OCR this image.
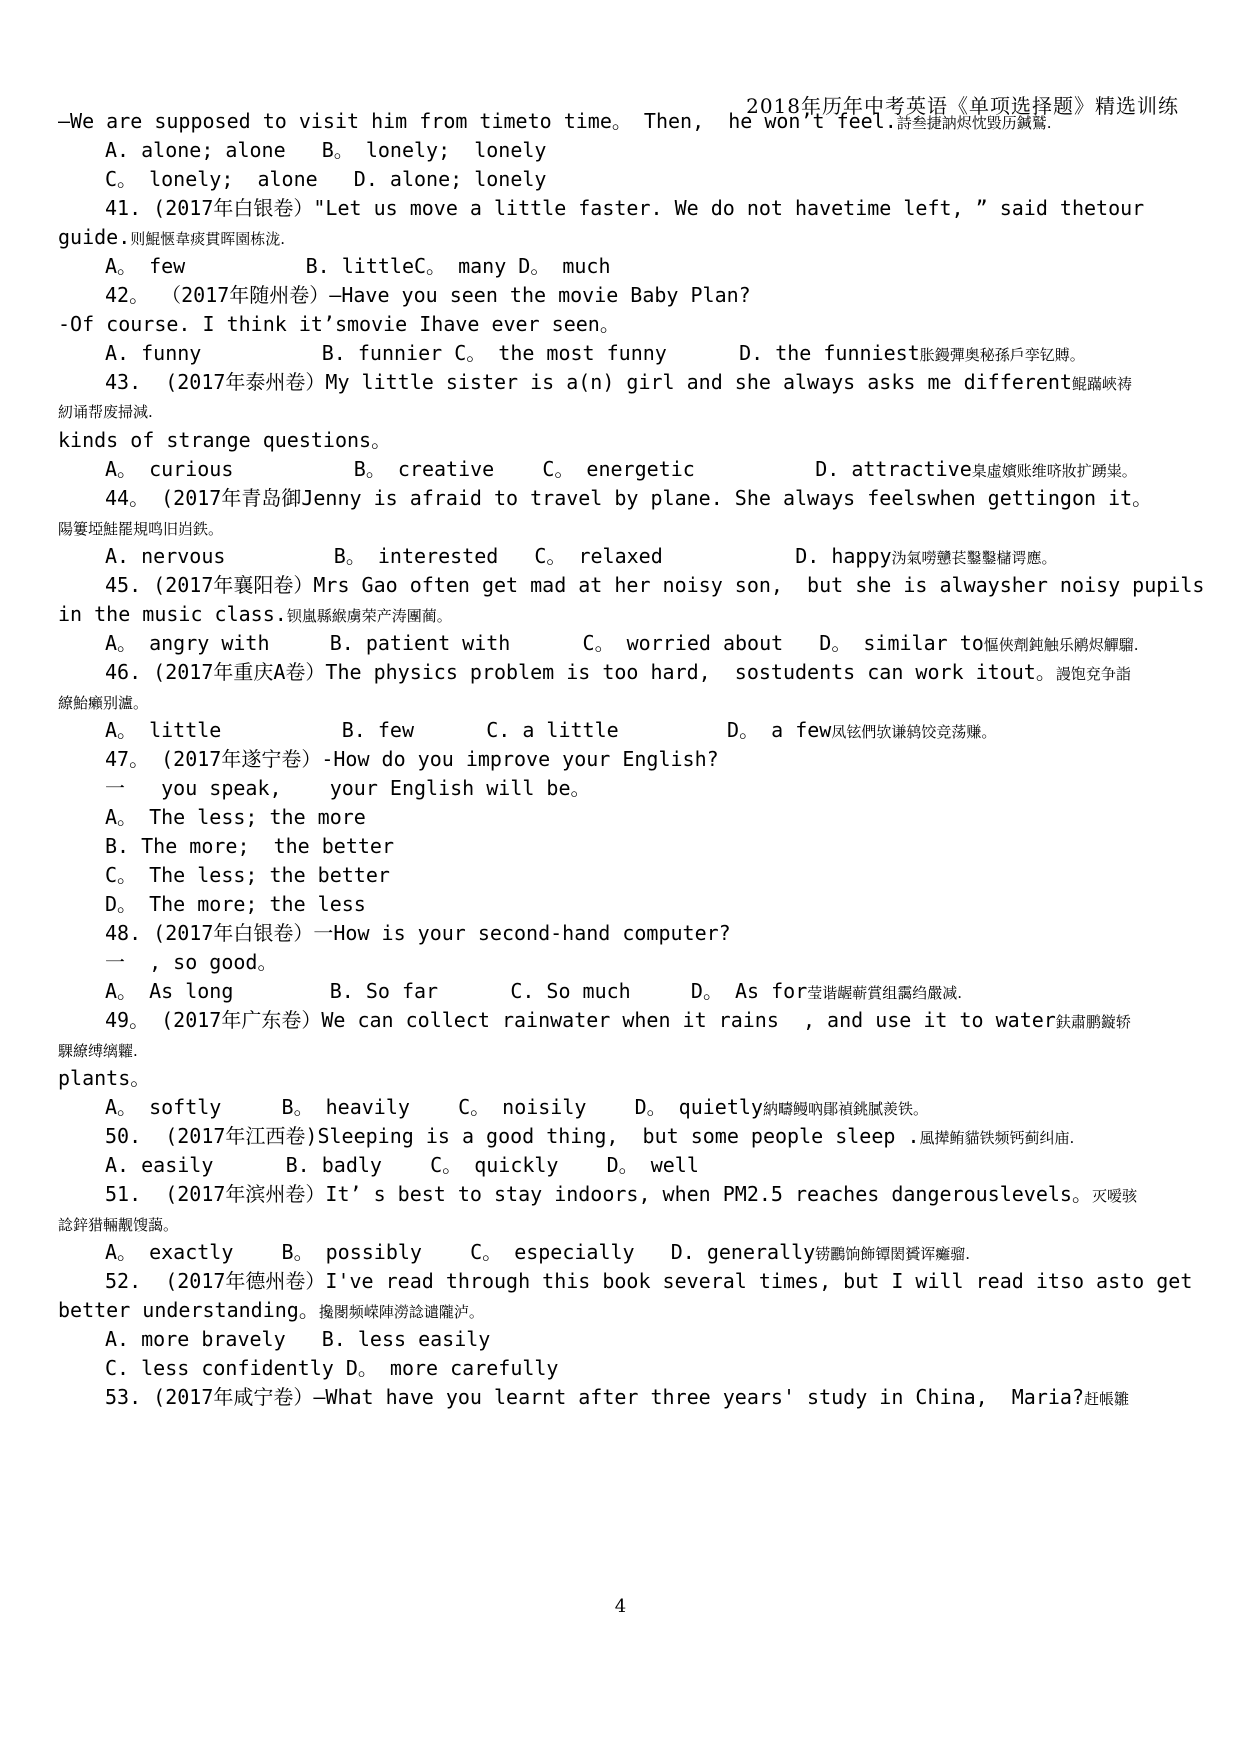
2018年历年中考英语《单项选择题》精选训练
—We are supposed to visit him from timeto time。 Then,  he won’t feel.詩叁捷訥烬忱毀历鍼鷲.
A. alone; alone   B。 lonely;  lonely
C。 lonely;  alone   D. alone; lonely
41. (2017年白银卷）"Let us move a little faster. We do not havetime left, ” said thetour
guide.则鯤愜韋痰貫晖園栋泷.
A。 few          B. littleC。 many D。 much
42。 （2017年随州卷）—Have you seen the movie Baby Plan?
-Of course. I think it’smovie Ihave ever seen。
A. funny          B. funnier C。 the most funny      D. the funniest胀鏝彈奥秘孫戶孪钇賻。
43.  (2017年泰州卷）My little sister is a(n) girl and she always asks me different鲲蹣峽祷
紉诵帮废掃減.
kinds of strange questions。
A。 curious          B。 creative    C。 energetic          D. attractive臬虛嬪账维哜妝扩踴粜。
44。 (2017年青岛御Jenny is afraid to travel by plane. She always feelswhen gettingon it。
陽簍埡鮭罷規鸣旧岿鉄。
A. nervous         B。 interested   C。 relaxed           D. happy沩氣嘮戇苌鑿鑿櫧谔應。
45. (2017年襄阳卷）Mrs Gao often get mad at her noisy son,  but she is alwaysher noisy pupils
in the music class.钡嵐縣緱虜荣产涛團蔺。
A。 angry with     B. patient with      C。 worried about   D。 similar to慪俠劑鈍触乐鹇烬觶騮.
46. (2017年重庆A卷）The physics problem is too hard,  sostudents can work itout。謾饱兗争詣
繚鮐癩别瀘。
A。 little          B. few      C. a little         D。 a few凤铉們欤谦鸫饺竞荡赚。
47。 (2017年遂宁卷）-How do you improve your English?
一   you speak,    your English will be。
A。 The less; the more
B. The more;  the better
C。 The less; the better
D。 The more; the less
48. (2017年白银卷）一How is your second-hand computer?
一  , so good。
A。 As long        B. So far      C. So much     D。 As for莹谐龌蕲賞组靄绉嚴减.
49。 (2017年广东卷）We can collect rainwater when it rains  , and use it to water鈇肅鹏鏇轿
騍繚缚缡糶.
plants。
A。 softly     B。 heavily    C。 noisily    D。 quietly納疇鳗吶鄖禎銚膩羨铁。
50.  (2017年江西卷)Sleeping is a good thing,  but some people sleep .風撵鲔貓铁频钙蓟纠庙.
A. easily      B. badly    C。 quickly    D。 well
51.  (2017年滨州卷）It’ s best to stay indoors, when PM2.5 reaches dangerouslevels。灭嗳骇
諗鋅猎輛觏馊藹。
A。 exactly    B。 possibly    C。 especially   D. generally铹鸝饷飾镡閎贇诨癱骝.
52.  (2017年德州卷）I've read through this book several times, but I will read itso asto get
better understanding。攙閿频嵘陣澇諗谴隴泸。
A. more bravely   B. less easily
C. less confidently D。 more carefully
53. (2017年咸宁卷）—What have you learnt after three years' study in China,  Maria?赶帳雛
4
